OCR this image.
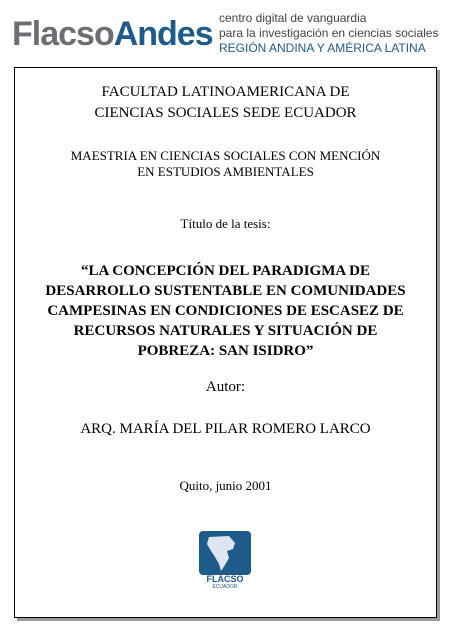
FlacsoAndes centro digital de vanguardia
para la investigación en ciencias sociales
REGIÓN ANDINA Y AMÉRICA LATINA
FACULTAD LATINOAMERICANA DE
CIENCIAS SOCIALES SEDE ECUADOR
MAESTRIA EN CIENCIAS SOCIALES CON MENCIÓN
EN ESTUDIOS AMBIENTALES
Título de la tesis:
“LA CONCEPCIÓN DEL PARADIGMA DE
DESARROLLO SUSTENTABLE EN COMUNIDADES
CAMPESINAS EN CONDICIONES DE ESCASEZ DE
RECURSOS NATURALES Y SITUACIÓN DE
POBREZA: SAN ISIDRO”
Autor:
ARQ. MARÍA DEL PILAR ROMERO LARCO
Quito, junio 2001
FLACSO
ECUADOR
